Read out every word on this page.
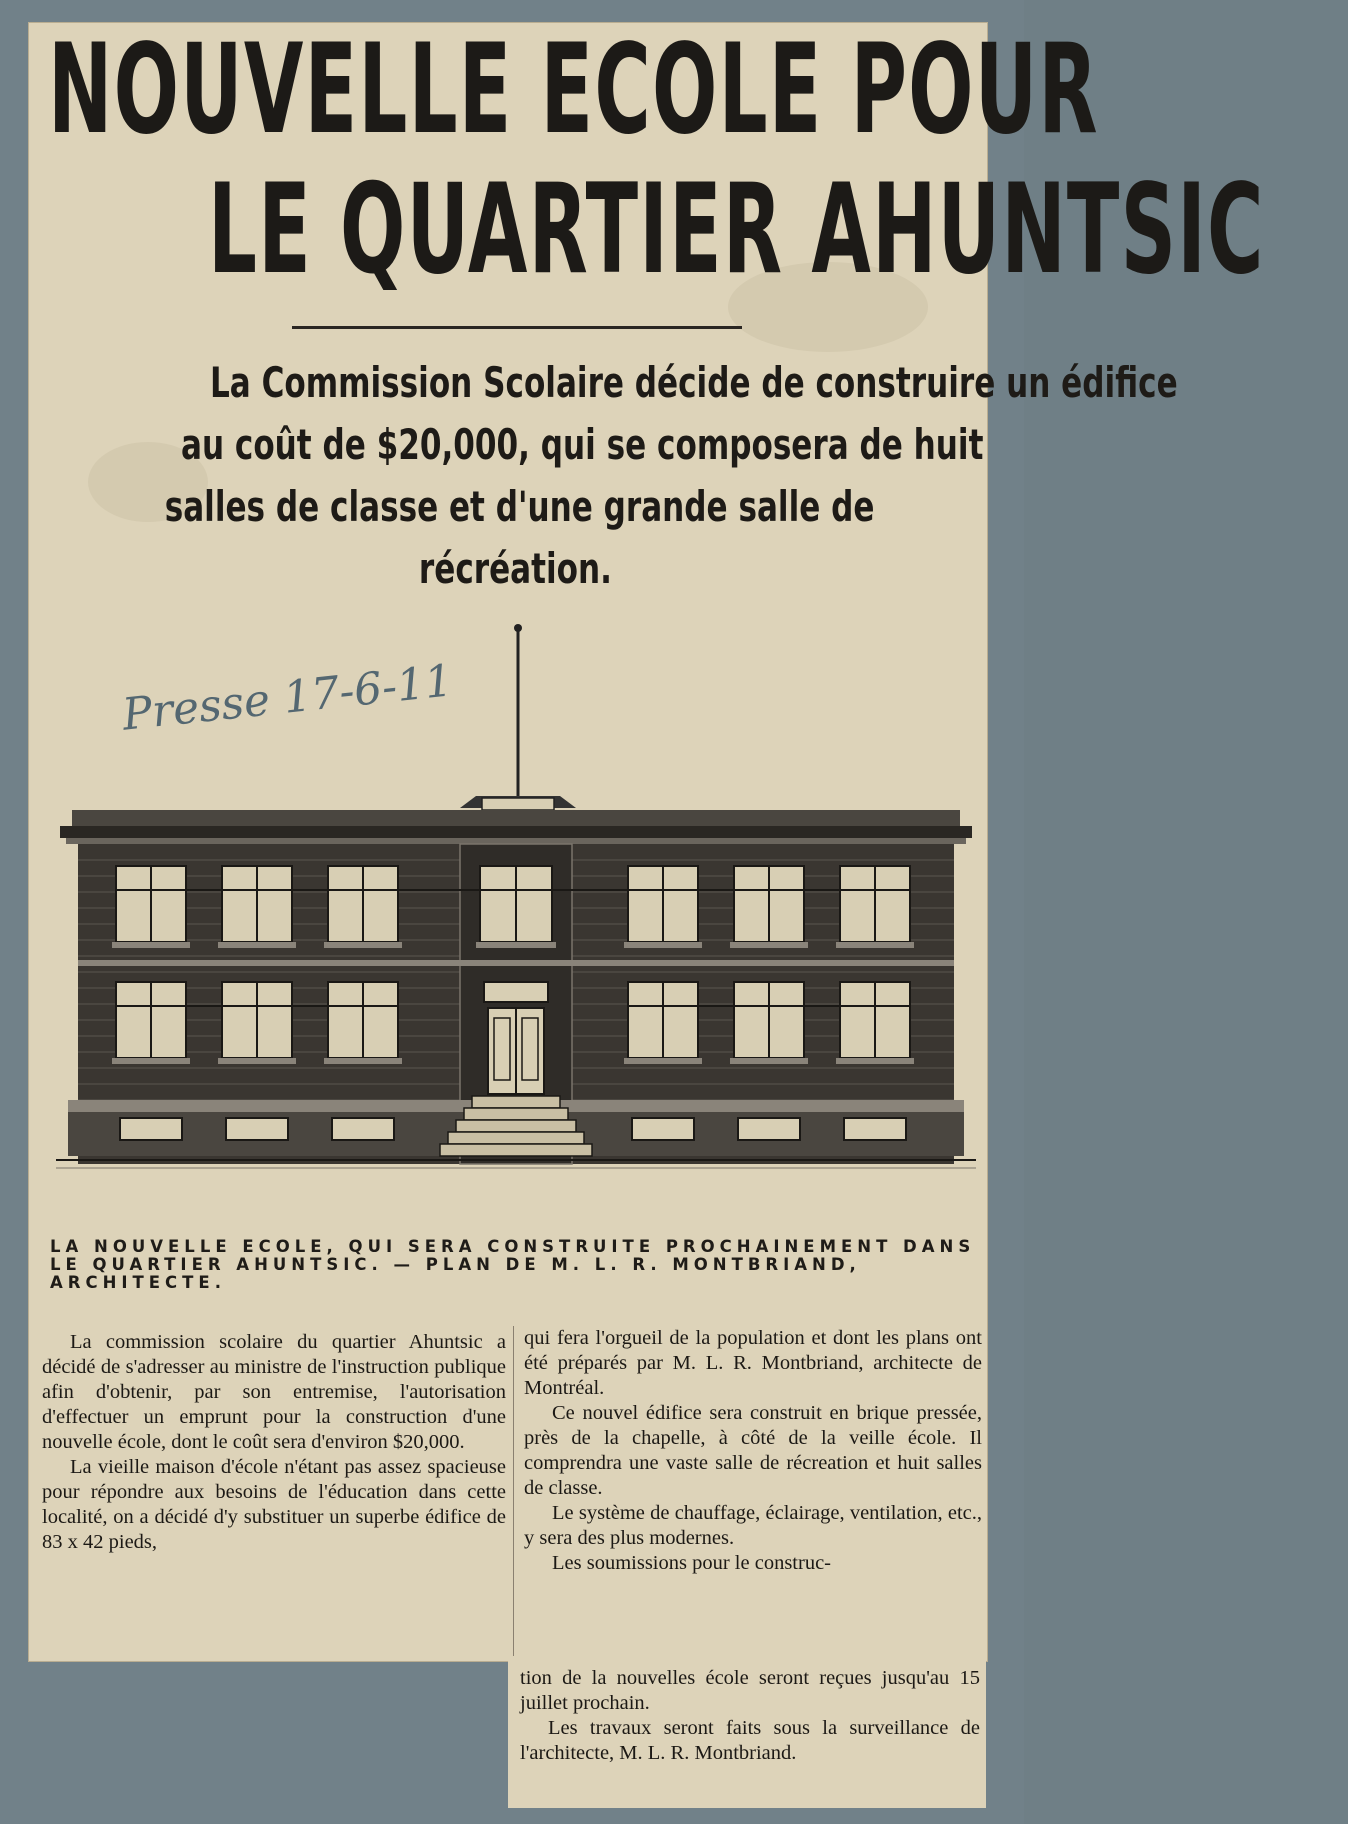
NOUVELLE ECOLE POUR
LE QUARTIER AHUNTSIC
La Commission Scolaire décide de construire un édifice
au coût de $20,000, qui se composera de huit
salles de classe et d'une grande salle de
récréation.
Presse 17-6-11
LA NOUVELLE ECOLE, QUI SERA CONSTRUITE PROCHAINEMENT DANS LE QUARTIER AHUNTSIC. — PLAN DE M. L. R. MONTBRIAND, ARCHITECTE.

La commission scolaire du quartier Ahuntsic a décidé de s'adresser au ministre de l'instruction publique afin d'obtenir, par son entremise, l'autorisation d'effectuer un emprunt pour la construction d'une nouvelle école, dont le coût sera d'environ $20,000.

La vieille maison d'école n'étant pas assez spacieuse pour répondre aux besoins de l'éducation dans cette localité, on a décidé d'y substituer un superbe édifice de 83 x 42 pieds,

qui fera l'orgueil de la population et dont les plans ont été préparés par M. L. R. Montbriand, architecte de Montréal.

Ce nouvel édifice sera construit en brique pressée, près de la chapelle, à côté de la veille école. Il comprendra une vaste salle de récreation et huit salles de classe.

Le système de chauffage, éclairage, ventilation, etc., y sera des plus modernes.

Les soumissions pour le construc-

tion de la nouvelles école seront reçues jusqu'au 15 juillet prochain.

Les travaux seront faits sous la surveillance de l'architecte, M. L. R. Montbriand.
